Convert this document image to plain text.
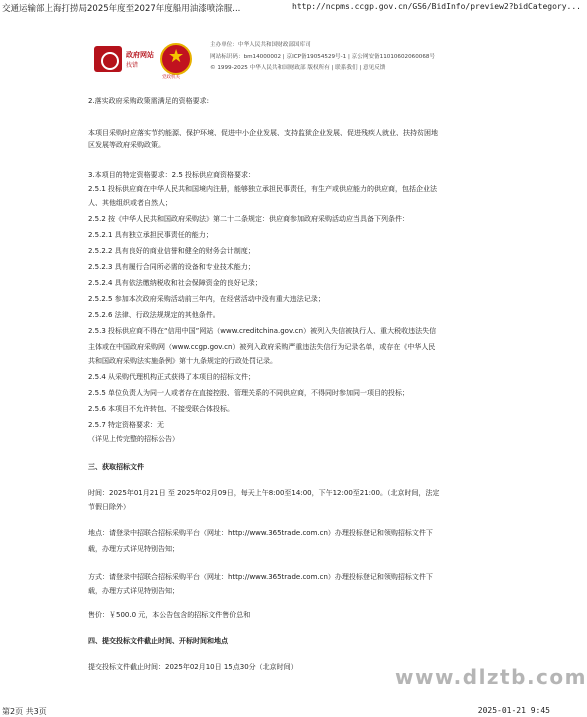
交通运输部上海打捞局2025年度至2027年度船用油漆喷涂服...	http://ncpms.ccgp.gov.cn/GS6/BidInfo/preview2?bidCategory...
政府网站
找错
★
党政机关
主办单位：中华人民共和国财政部国库司
网站标识码：bm14000002 | 京ICP备19054529号-1 | 京公网安备11010602060068号
© 1999-2025 中华人民共和国财政部 版权所有 | 联系我们 | 意见反馈
2.落实政府采购政策需满足的资格要求:
本项目采购时应落实节约能源、保护环境、促进中小企业发展、支持监狱企业发展、促进残疾人就业、扶持贫困地
区发展等政府采购政策。
3.本项目的特定资格要求：2.5 投标供应商资格要求：
2.5.1 投标供应商在中华人民共和国境内注册，能够独立承担民事责任，有生产或供应能力的供应商，包括企业法
人、其他组织或者自然人；
2.5.2 按《中华人民共和国政府采购法》第二十二条规定：供应商参加政府采购活动应当具备下列条件：
2.5.2.1 具有独立承担民事责任的能力；
2.5.2.2 具有良好的商业信誉和健全的财务会计制度；
2.5.2.3 具有履行合同所必需的设备和专业技术能力；
2.5.2.4 具有依法缴纳税收和社会保障资金的良好记录；
2.5.2.5 参加本次政府采购活动前三年内，在经营活动中没有重大违法记录；
2.5.2.6 法律、行政法规规定的其他条件。
2.5.3 投标供应商不得在“信用中国”网站（www.creditchina.gov.cn）被列入失信被执行人、重大税收违法失信
主体或在中国政府采购网（www.ccgp.gov.cn）被列入政府采购严重违法失信行为记录名单，或存在《中华人民
共和国政府采购法实施条例》第十九条规定的行政处罚记录。
2.5.4 从采购代理机构正式获得了本项目的招标文件；
2.5.5 单位负责人为同一人或者存在直接控股、管理关系的不同供应商，不得同时参加同一项目的投标；
2.5.6 本项目不允许转包、不接受联合体投标。
2.5.7 特定资格要求：无
（详见上传完整的招标公告）
三、获取招标文件
时间：2025年01月21日 至 2025年02月09日，每天上午8:00至14:00，下午12:00至21:00。（北京时间，法定
节假日除外）
地点：请登录中招联合招标采购平台（网址：http://www.365trade.com.cn）办理投标登记和领购招标文件下
载，办理方式详见特别告知；
方式：请登录中招联合招标采购平台（网址：http://www.365trade.com.cn）办理投标登记和领购招标文件下
载，办理方式详见特别告知；
售价：￥500.0 元，本公告包含的招标文件售价总和
四、提交投标文件截止时间、开标时间和地点
提交投标文件截止时间：2025年02月10日 15点30分（北京时间）	www.dlztb.com
第2页 共3页	2025-01-21 9:45
